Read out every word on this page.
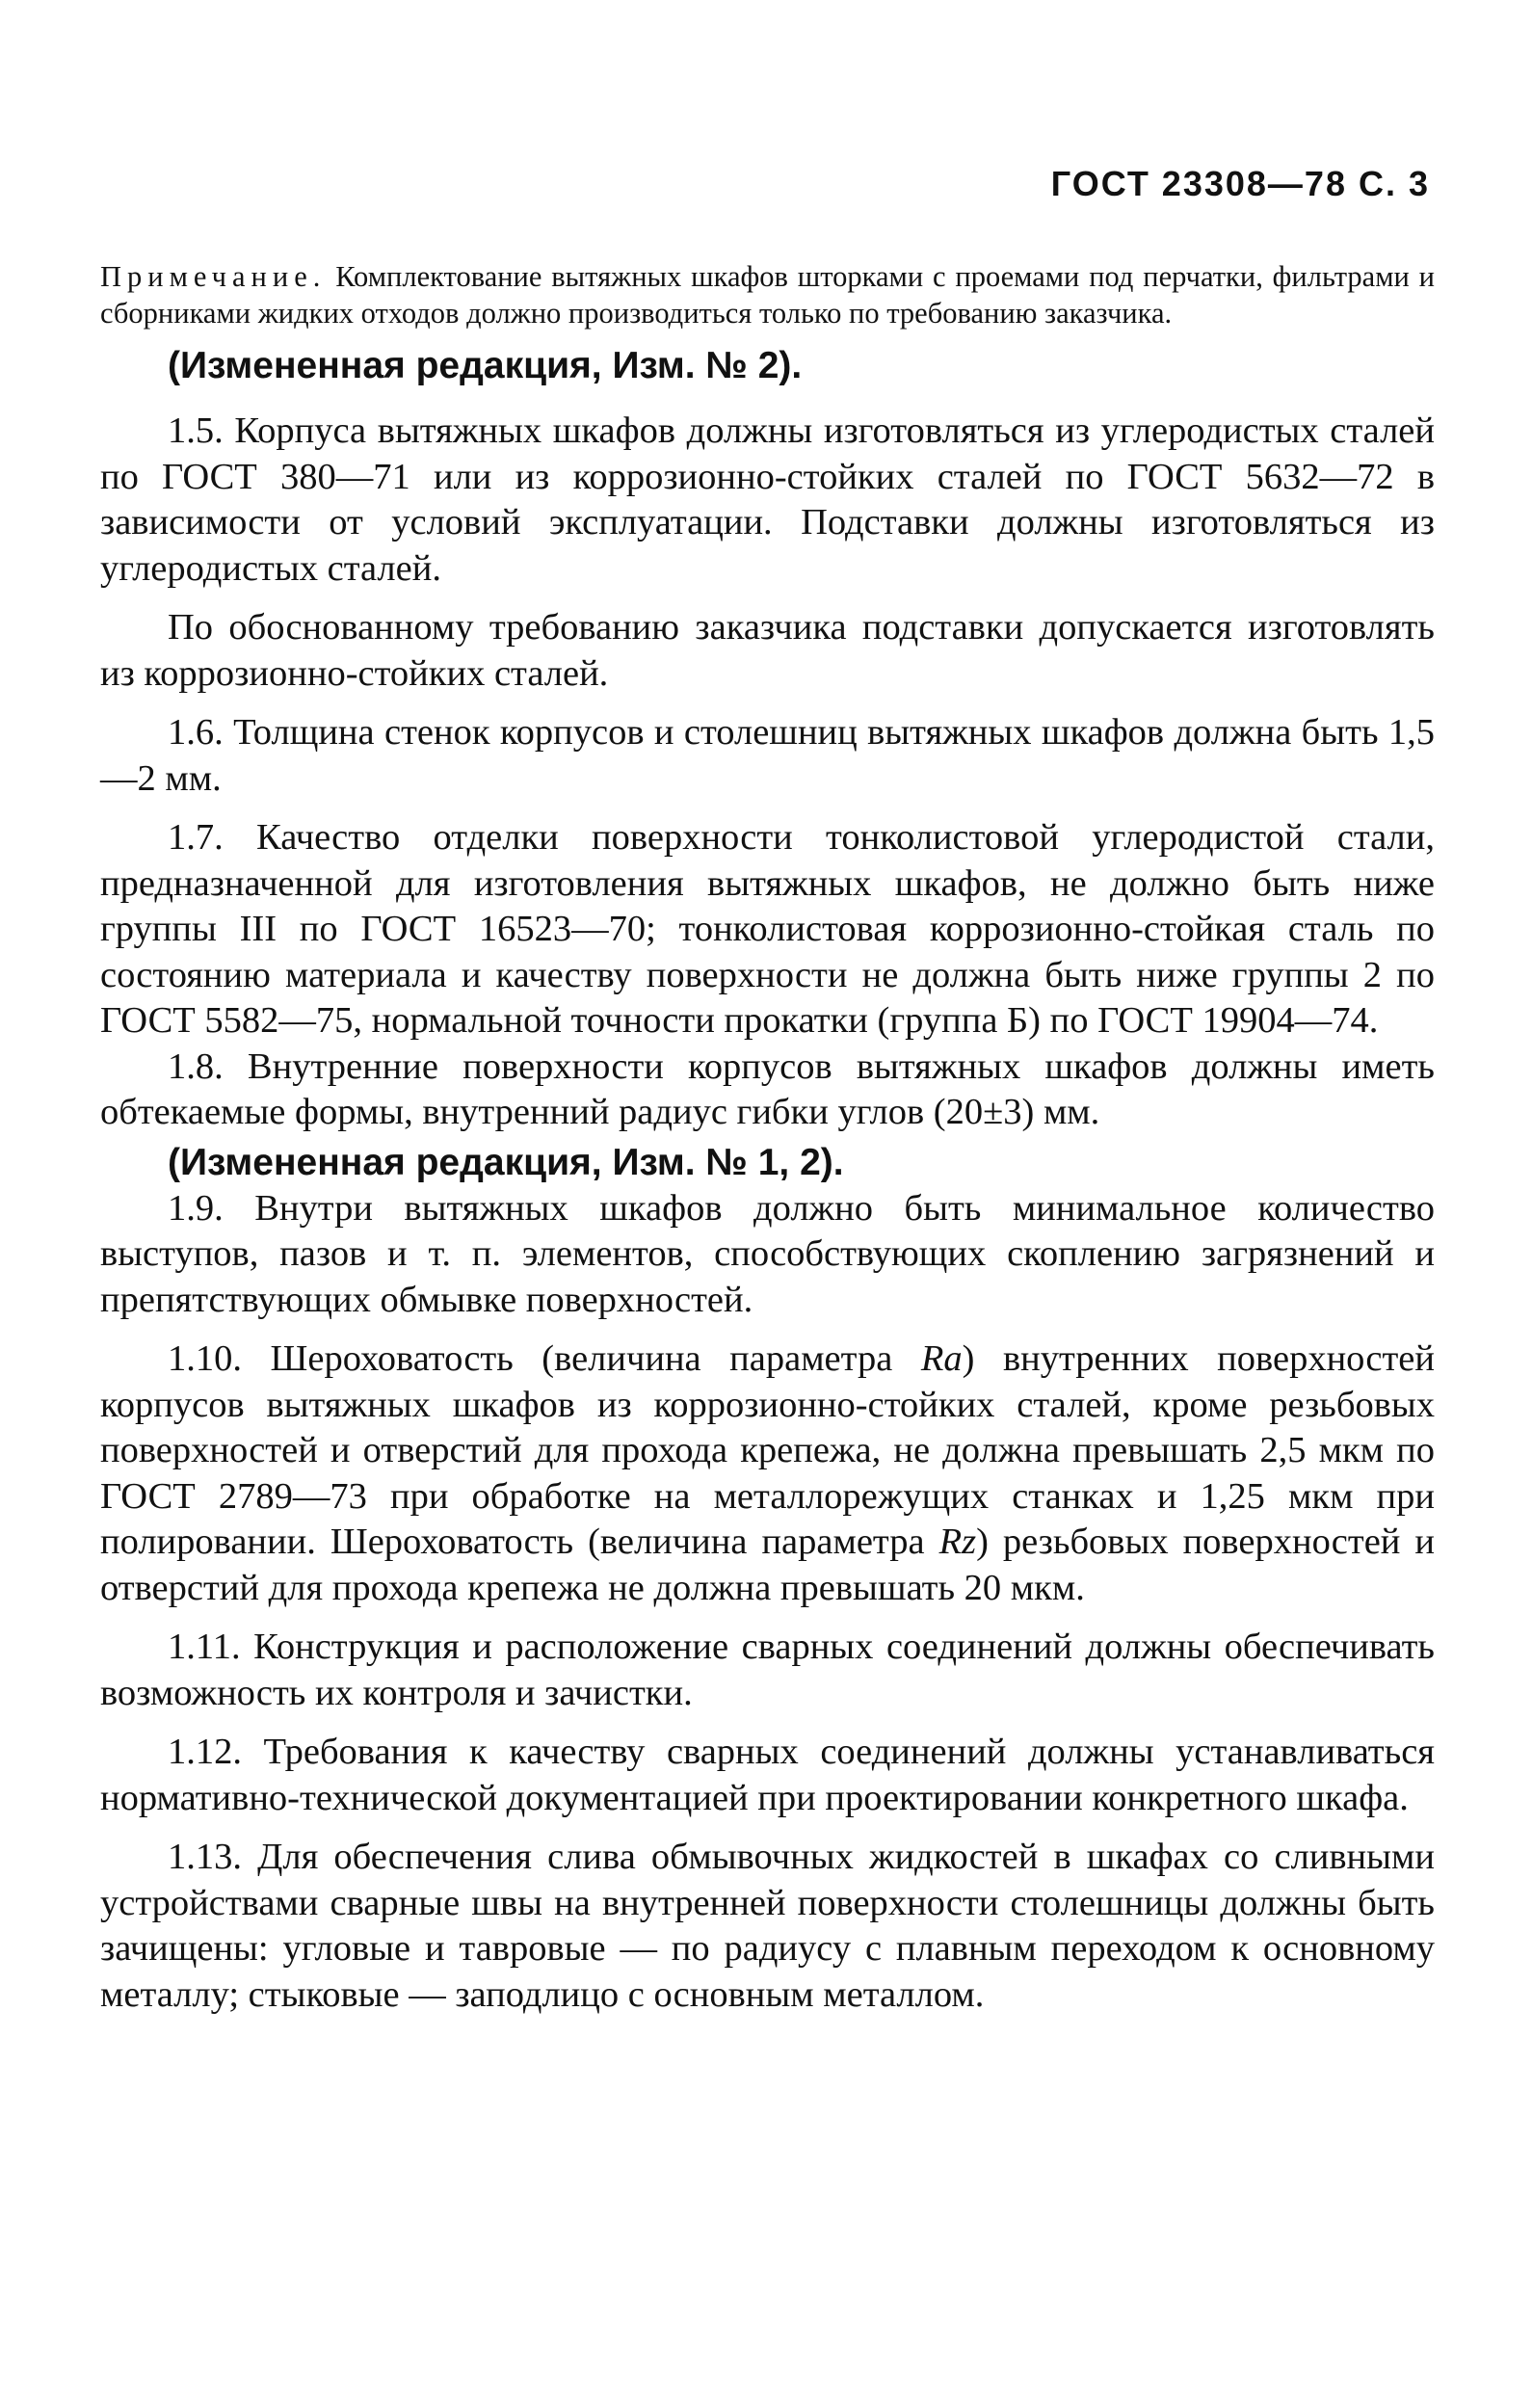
ГОСТ 23308—78 С. 3

Примечание. Комплектование вытяжных шкафов шторками с проемами под перчатки, фильтрами и сборниками жидких отходов должно производиться только по требованию заказчика.

(Измененная редакция, Изм. № 2).

1.5. Корпуса вытяжных шкафов должны изготовляться из углеродистых сталей по ГОСТ 380—71 или из коррозионно-стойких сталей по ГОСТ 5632—72 в зависимости от условий эксплуатации. Подставки должны изготовляться из углеродистых сталей.

По обоснованному требованию заказчика подставки допускается изготовлять из коррозионно-стойких сталей.

1.6. Толщина стенок корпусов и столешниц вытяжных шкафов должна быть 1,5—2 мм.

1.7. Качество отделки поверхности тонколистовой углеродистой стали, предназначенной для изготовления вытяжных шкафов, не должно быть ниже группы III по ГОСТ 16523—70; тонколистовая коррозионно-стойкая сталь по состоянию материала и качеству поверхности не должна быть ниже группы 2 по ГОСТ 5582—75, нормальной точности прокатки (группа Б) по ГОСТ 19904—74.

1.8. Внутренние поверхности корпусов вытяжных шкафов должны иметь обтекаемые формы, внутренний радиус гибки углов (20±3) мм.

(Измененная редакция, Изм. № 1, 2).

1.9. Внутри вытяжных шкафов должно быть минимальное количество выступов, пазов и т. п. элементов, способствующих скоплению загрязнений и препятствующих обмывке поверхностей.

1.10. Шероховатость (величина параметра Ra) внутренних поверхностей корпусов вытяжных шкафов из коррозионно-стойких сталей, кроме резьбовых поверхностей и отверстий для прохода крепежа, не должна превышать 2,5 мкм по ГОСТ 2789—73 при обработке на металлорежущих станках и 1,25 мкм при полировании. Шероховатость (величина параметра Rz) резьбовых поверхностей и отверстий для прохода крепежа не должна превышать 20 мкм.

1.11. Конструкция и расположение сварных соединений должны обеспечивать возможность их контроля и зачистки.

1.12. Требования к качеству сварных соединений должны устанавливаться нормативно-технической документацией при проектировании конкретного шкафа.

1.13. Для обеспечения слива обмывочных жидкостей в шкафах со сливными устройствами сварные швы на внутренней поверхности столешницы должны быть зачищены: угловые и тавровые — по радиусу с плавным переходом к основному металлу; стыковые — заподлицо с основным металлом.
